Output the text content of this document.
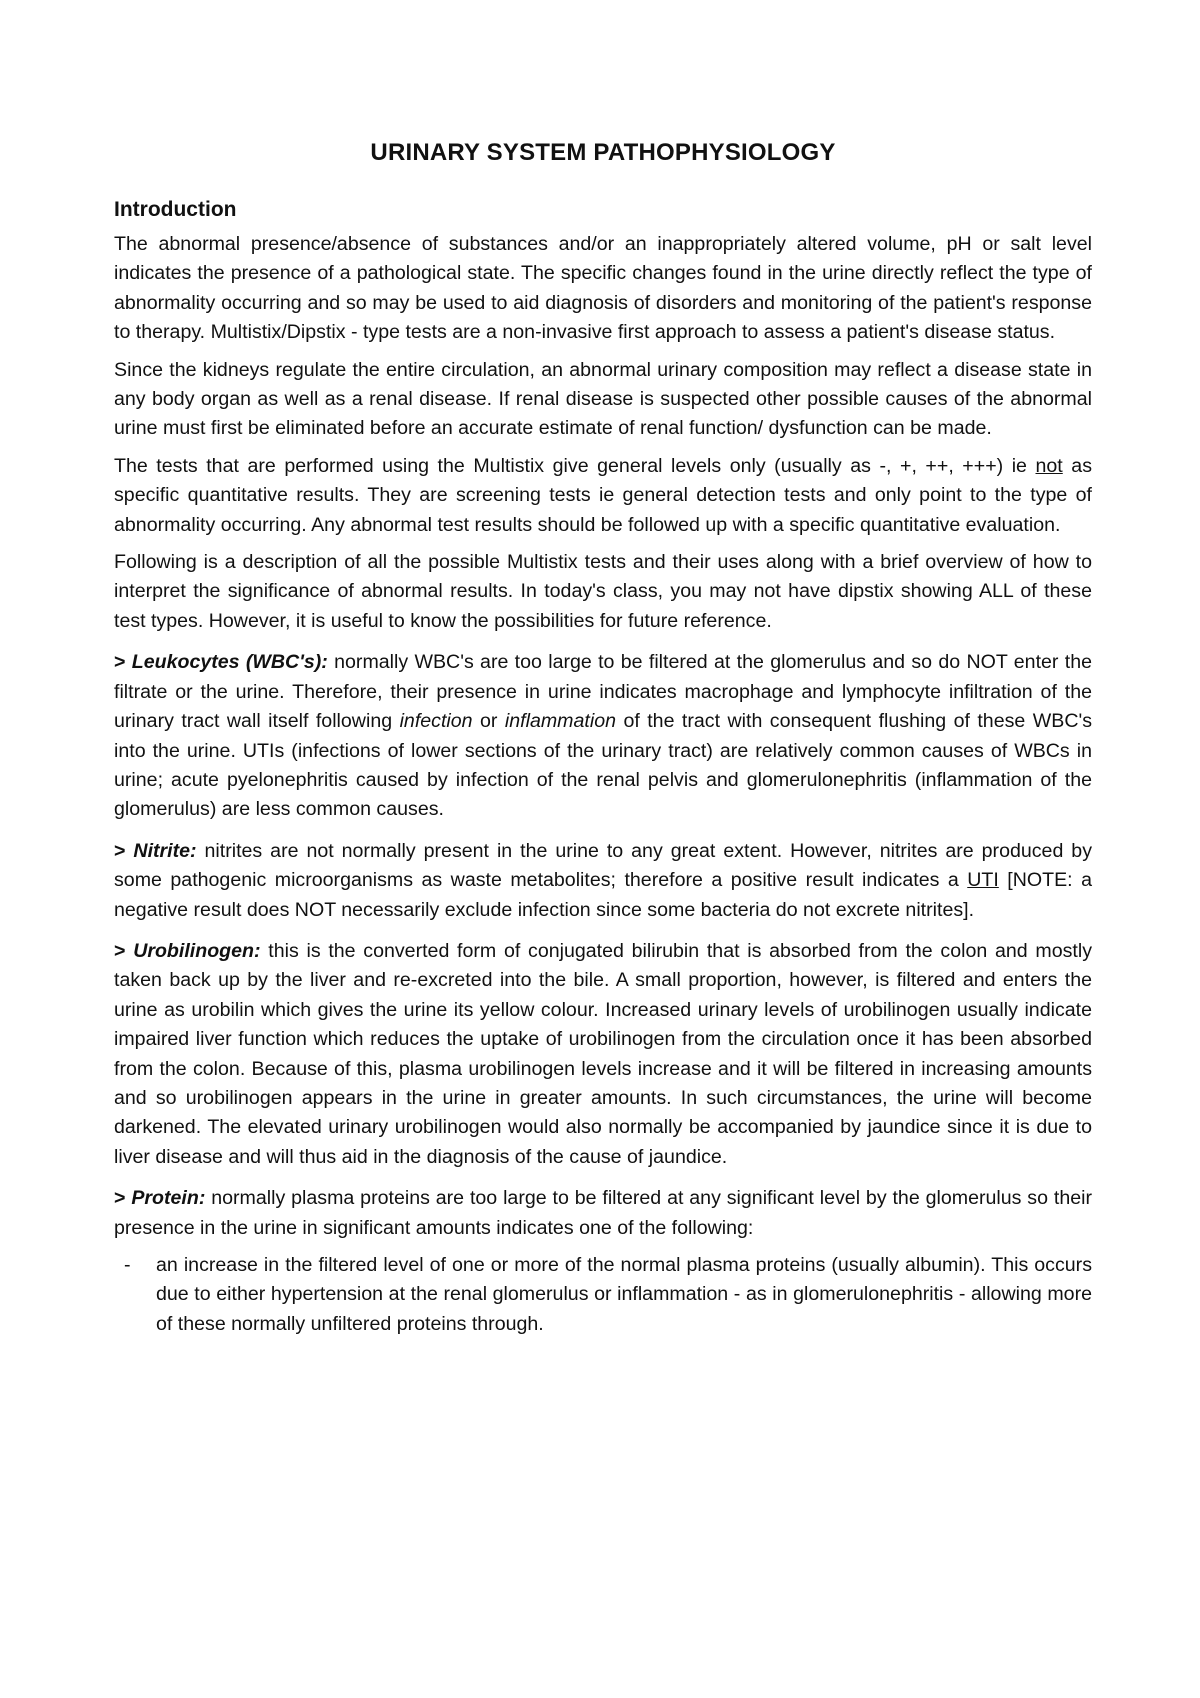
URINARY SYSTEM PATHOPHYSIOLOGY
Introduction

The abnormal presence/absence of substances and/or an inappropriately altered volume, pH or salt level indicates the presence of a pathological state. The specific changes found in the urine directly reflect the type of abnormality occurring and so may be used to aid diagnosis of disorders and monitoring of the patient's response to therapy. Multistix/Dipstix - type tests are a non-invasive first approach to assess a patient's disease status.

Since the kidneys regulate the entire circulation, an abnormal urinary composition may reflect a disease state in any body organ as well as a renal disease. If renal disease is suspected other possible causes of the abnormal urine must first be eliminated before an accurate estimate of renal function/ dysfunction can be made.

The tests that are performed using the Multistix give general levels only (usually as -, +, ++, +++) ie not as specific quantitative results. They are screening tests ie general detection tests and only point to the type of abnormality occurring. Any abnormal test results should be followed up with a specific quantitative evaluation.

Following is a description of all the possible Multistix tests and their uses along with a brief overview of how to interpret the significance of abnormal results. In today's class, you may not have dipstix showing ALL of these test types. However, it is useful to know the possibilities for future reference.

> Leukocytes (WBC's): normally WBC's are too large to be filtered at the glomerulus and so do NOT enter the filtrate or the urine. Therefore, their presence in urine indicates macrophage and lymphocyte infiltration of the urinary tract wall itself following infection or inflammation of the tract with consequent flushing of these WBC's into the urine. UTIs (infections of lower sections of the urinary tract) are relatively common causes of WBCs in urine; acute pyelonephritis caused by infection of the renal pelvis and glomerulonephritis (inflammation of the glomerulus) are less common causes.

> Nitrite: nitrites are not normally present in the urine to any great extent. However, nitrites are produced by some pathogenic microorganisms as waste metabolites; therefore a positive result indicates a UTI [NOTE: a negative result does NOT necessarily exclude infection since some bacteria do not excrete nitrites].

> Urobilinogen: this is the converted form of conjugated bilirubin that is absorbed from the colon and mostly taken back up by the liver and re-excreted into the bile. A small proportion, however, is filtered and enters the urine as urobilin which gives the urine its yellow colour. Increased urinary levels of urobilinogen usually indicate impaired liver function which reduces the uptake of urobilinogen from the circulation once it has been absorbed from the colon. Because of this, plasma urobilinogen levels increase and it will be filtered in increasing amounts and so urobilinogen appears in the urine in greater amounts. In such circumstances, the urine will become darkened. The elevated urinary urobilinogen would also normally be accompanied by jaundice since it is due to liver disease and will thus aid in the diagnosis of the cause of jaundice.

> Protein: normally plasma proteins are too large to be filtered at any significant level by the glomerulus so their presence in the urine in significant amounts indicates one of the following:

- an increase in the filtered level of one or more of the normal plasma proteins (usually albumin). This occurs due to either hypertension at the renal glomerulus or inflammation - as in glomerulonephritis - allowing more of these normally unfiltered proteins through.
